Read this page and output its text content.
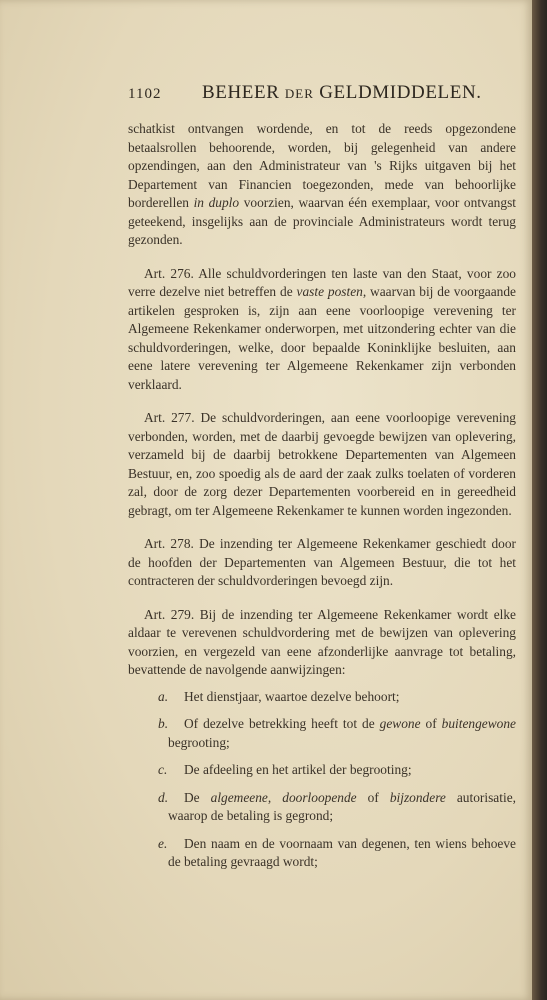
1102 BEHEER DER GELDMIDDELEN.

schatkist ontvangen wordende, en tot de reeds opgezondene betaalsrollen behoorende, worden, bij gelegenheid van andere opzendingen, aan den Administrateur van 's Rijks uitgaven bij het Departement van Financien toegezonden, mede van behoorlijke borderellen in duplo voorzien, waarvan één exemplaar, voor ontvangst geteekend, insgelijks aan de provinciale Administrateurs wordt terug gezonden.

Art. 276. Alle schuldvorderingen ten laste van den Staat, voor zoo verre dezelve niet betreffen de vaste posten, waarvan bij de voorgaande artikelen gesproken is, zijn aan eene voorloopige verevening ter Algemeene Rekenkamer onderworpen, met uitzondering echter van die schuldvorderingen, welke, door bepaalde Koninklijke besluiten, aan eene latere verevening ter Algemeene Rekenkamer zijn verbonden verklaard.

Art. 277. De schuldvorderingen, aan eene voorloopige verevening verbonden, worden, met de daarbij gevoegde bewijzen van oplevering, verzameld bij de daarbij betrokkene Departementen van Algemeen Bestuur, en, zoo spoedig als de aard der zaak zulks toelaten of vorderen zal, door de zorg dezer Departementen voorbereid en in gereedheid gebragt, om ter Algemeene Rekenkamer te kunnen worden ingezonden.

Art. 278. De inzending ter Algemeene Rekenkamer geschiedt door de hoofden der Departementen van Algemeen Bestuur, die tot het contracteren der schuldvorderingen bevoegd zijn.

Art. 279. Bij de inzending ter Algemeene Rekenkamer wordt elke aldaar te verevenen schuldvordering met de bewijzen van oplevering voorzien, en vergezeld van eene afzonderlijke aanvrage tot betaling, bevattende de navolgende aanwijzingen:

a. Het dienstjaar, waartoe dezelve behoort;
b. Of dezelve betrekking heeft tot de gewone of buitengewone begrooting;
c. De afdeeling en het artikel der begrooting;
d. De algemeene, doorloopende of bijzondere autorisatie, waarop de betaling is gegrond;
e. Den naam en de voornaam van degenen, ten wiens behoeve de betaling gevraagd wordt;
